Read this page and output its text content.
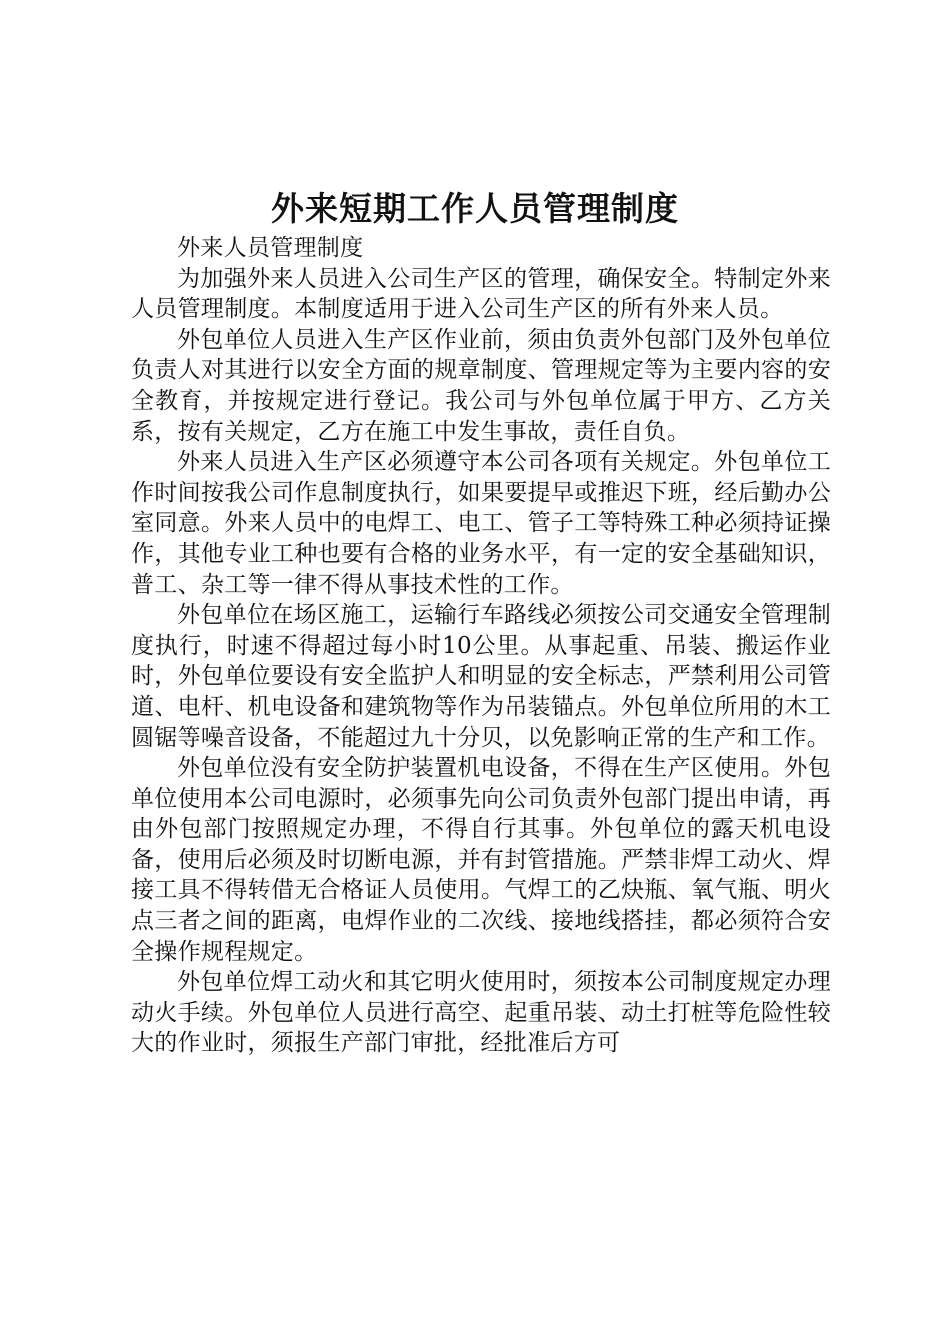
外来短期工作人员管理制度

外来人员管理制度

为加强外来人员进入公司生产区的管理，确保安全。特制定外来人员管理制度。本制度适用于进入公司生产区的所有外来人员。

外包单位人员进入生产区作业前，须由负责外包部门及外包单位负责人对其进行以安全方面的规章制度、管理规定等为主要内容的安全教育，并按规定进行登记。我公司与外包单位属于甲方、乙方关系，按有关规定，乙方在施工中发生事故，责任自负。

外来人员进入生产区必须遵守本公司各项有关规定。外包单位工作时间按我公司作息制度执行，如果要提早或推迟下班，经后勤办公室同意。外来人员中的电焊工、电工、管子工等特殊工种必须持证操作，其他专业工种也要有合格的业务水平，有一定的安全基础知识，普工、杂工等一律不得从事技术性的工作。

外包单位在场区施工，运输行车路线必须按公司交通安全管理制度执行，时速不得超过每小时10公里。从事起重、吊装、搬运作业时，外包单位要设有安全监护人和明显的安全标志，严禁利用公司管道、电杆、机电设备和建筑物等作为吊装锚点。外包单位所用的木工圆锯等噪音设备，不能超过九十分贝，以免影响正常的生产和工作。

外包单位没有安全防护装置机电设备，不得在生产区使用。外包单位使用本公司电源时，必须事先向公司负责外包部门提出申请，再由外包部门按照规定办理，不得自行其事。外包单位的露天机电设备，使用后必须及时切断电源，并有封管措施。严禁非焊工动火、焊接工具不得转借无合格证人员使用。气焊工的乙炔瓶、氧气瓶、明火点三者之间的距离，电焊作业的二次线、接地线搭挂，都必须符合安全操作规程规定。

外包单位焊工动火和其它明火使用时，须按本公司制度规定办理动火手续。外包单位人员进行高空、起重吊装、动土打桩等危险性较大的作业时，须报生产部门审批，经批准后方可
